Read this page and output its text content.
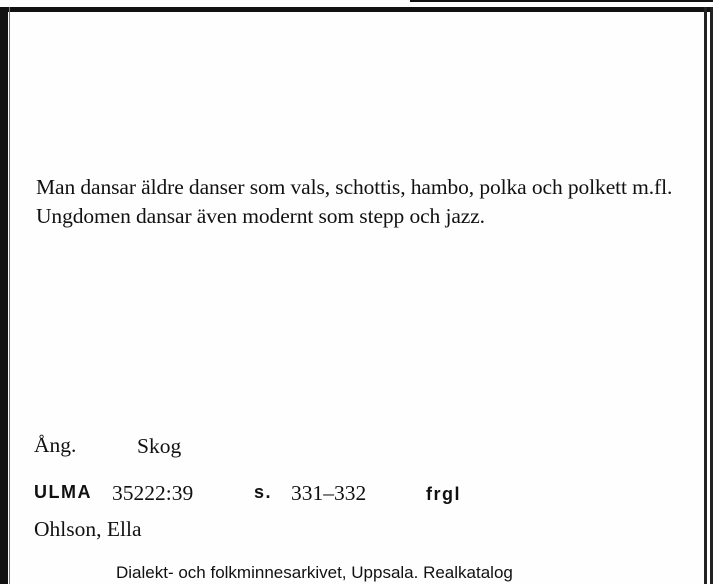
Man dansar äldre danser som vals, schottis, hambo, polka och polkett m.fl.

Ungdomen dansar även modernt som stepp och jazz.

Ång.	Skog
ULMA 35222:39	s. 331–332	frgl
Ohlson, Ella
Dialekt- och folkminnesarkivet, Uppsala. Realkatalog
